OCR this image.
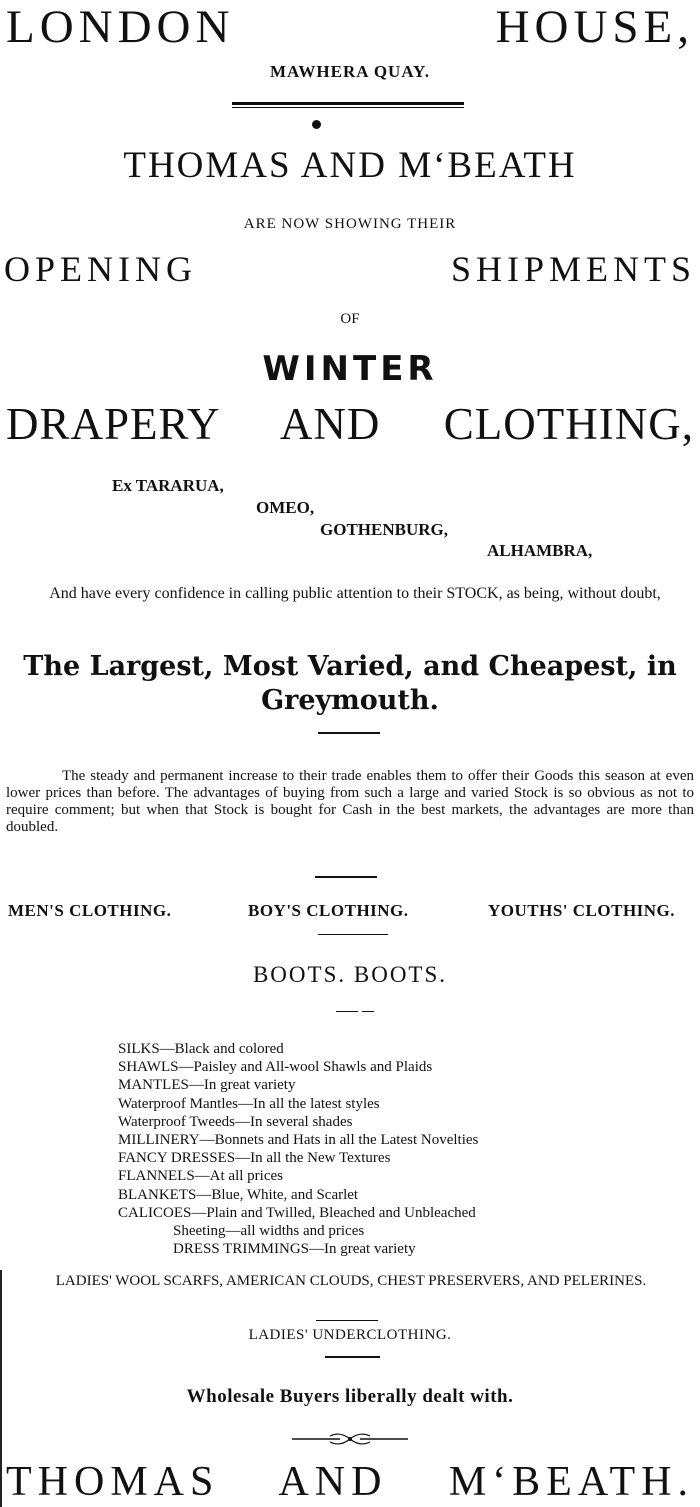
LONDON HOUSE,
MAWHERA QUAY.
THOMAS AND M‘BEATH
ARE NOW SHOWING THEIR
OPENING SHIPMENTS
OF
WINTER
DRAPERY AND CLOTHING,
Ex TARARUA,
OMEO,
GOTHENBURG,
ALHAMBRA,
And have every confidence in calling public attention to their STOCK, as being, without doubt,
The Largest, Most Varied, and Cheapest, in Greymouth.
The steady and permanent increase to their trade enables them to offer their Goods this season at even lower prices than before. The advantages of buying from such a large and varied Stock is so obvious as not to require comment; but when that Stock is bought for Cash in the best markets, the advantages are more than doubled.
MEN'S CLOTHING.	BOY'S CLOTHING.	YOUTHS' CLOTHING.
BOOTS. BOOTS.
SILKS—Black and colored
SHAWLS—Paisley and All-wool Shawls and Plaids
MANTLES—In great variety
Waterproof Mantles—In all the latest styles
Waterproof Tweeds—In several shades
MILLINERY—Bonnets and Hats in all the Latest Novelties
FANCY DRESSES—In all the New Textures
FLANNELS—At all prices
BLANKETS—Blue, White, and Scarlet
CALICOES—Plain and Twilled, Bleached and Unbleached
Sheeting—all widths and prices
DRESS TRIMMINGS—In great variety
LADIES' WOOL SCARFS, AMERICAN CLOUDS, CHEST PRESERVERS, AND PELERINES.
LADIES' UNDERCLOTHING.
Wholesale Buyers liberally dealt with.
THOMAS AND M‘BEATH.
